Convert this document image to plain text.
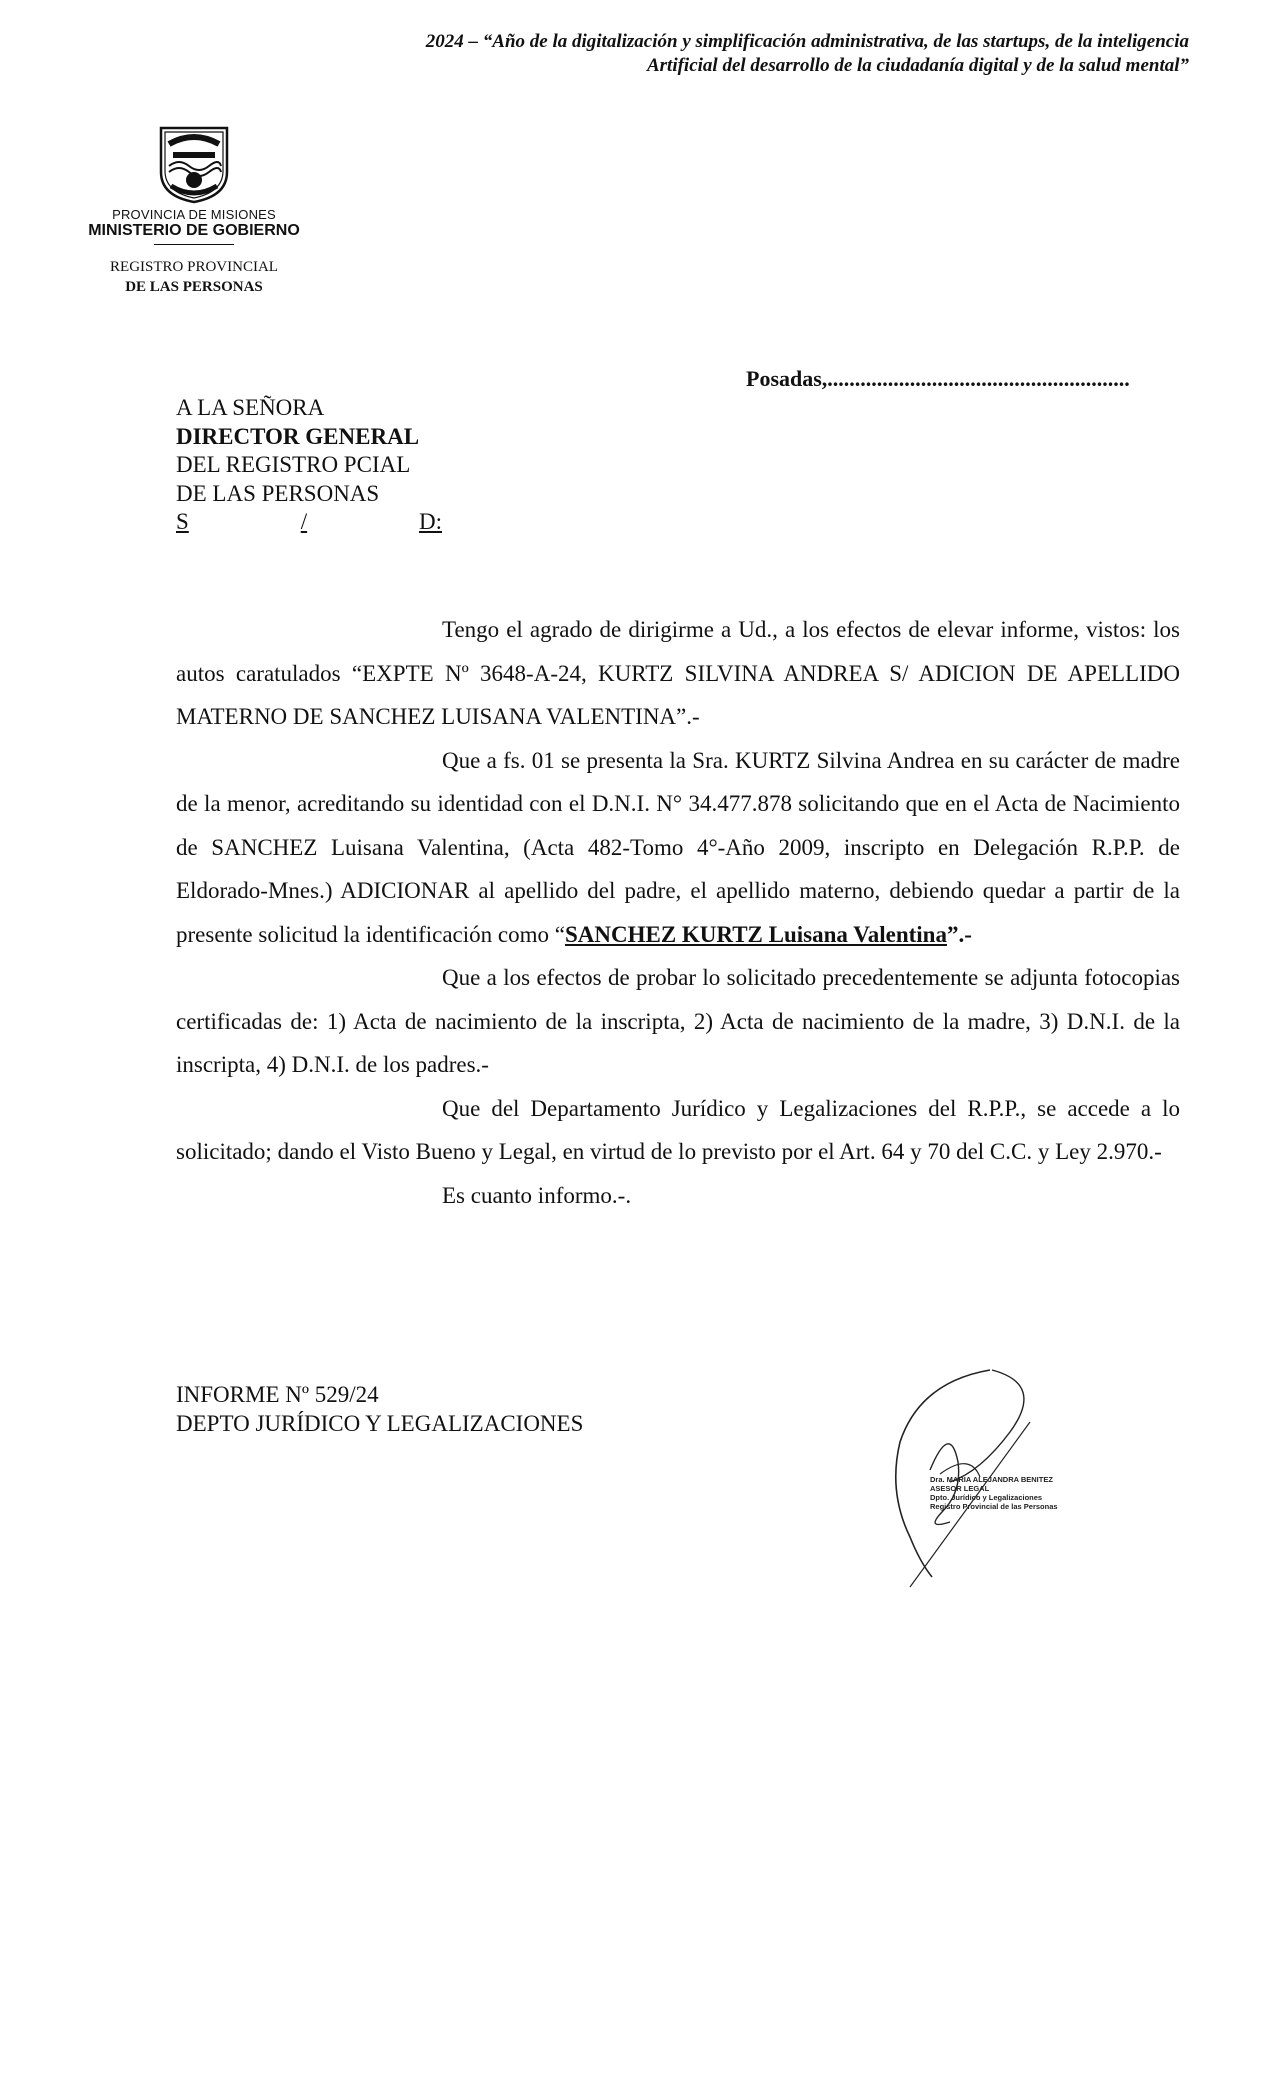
2024 – “Año de la digitalización y simplificación administrativa, de las startups, de la inteligencia
Artificial del desarrollo de la ciudadanía digital y de la salud mental”
PROVINCIA DE MISIONES
MINISTERIO DE GOBIERNO
REGISTRO PROVINCIAL
DE LAS PERSONAS
Posadas,.......................................................
A LA SEÑORA
DIRECTOR GENERAL
DEL REGISTRO PCIAL
DE LAS PERSONAS
S	/	D:

Tengo el agrado de dirigirme a Ud., a los efectos de elevar informe, vistos: los autos caratulados “EXPTE Nº 3648-A-24, KURTZ SILVINA ANDREA S/ ADICION DE APELLIDO MATERNO DE SANCHEZ LUISANA VALENTINA”.-

Que a fs. 01 se presenta la Sra. KURTZ Silvina Andrea en su carácter de madre de la menor, acreditando su identidad con el D.N.I. N° 34.477.878 solicitando que en el Acta de Nacimiento de SANCHEZ Luisana Valentina, (Acta 482-Tomo 4°-Año 2009, inscripto en Delegación R.P.P. de Eldorado-Mnes.) ADICIONAR al apellido del padre, el apellido materno, debiendo quedar a partir de la presente solicitud la identificación como “SANCHEZ KURTZ Luisana Valentina”.-

Que a los efectos de probar lo solicitado precedentemente se adjunta fotocopias certificadas de: 1) Acta de nacimiento de la inscripta, 2) Acta de nacimiento de la madre, 3) D.N.I. de la inscripta, 4) D.N.I. de los padres.-

Que del Departamento Jurídico y Legalizaciones del R.P.P., se accede a lo solicitado; dando el Visto Bueno y Legal, en virtud de lo previsto por el Art. 64 y 70 del C.C. y Ley 2.970.-

Es cuanto informo.-.

INFORME Nº 529/24
DEPTO JURÍDICO Y LEGALIZACIONES
Dra. MARIA ALEJANDRA BENITEZ
ASESOR LEGAL
Dpto. Jurídico y Legalizaciones
Registro Provincial de las Personas
